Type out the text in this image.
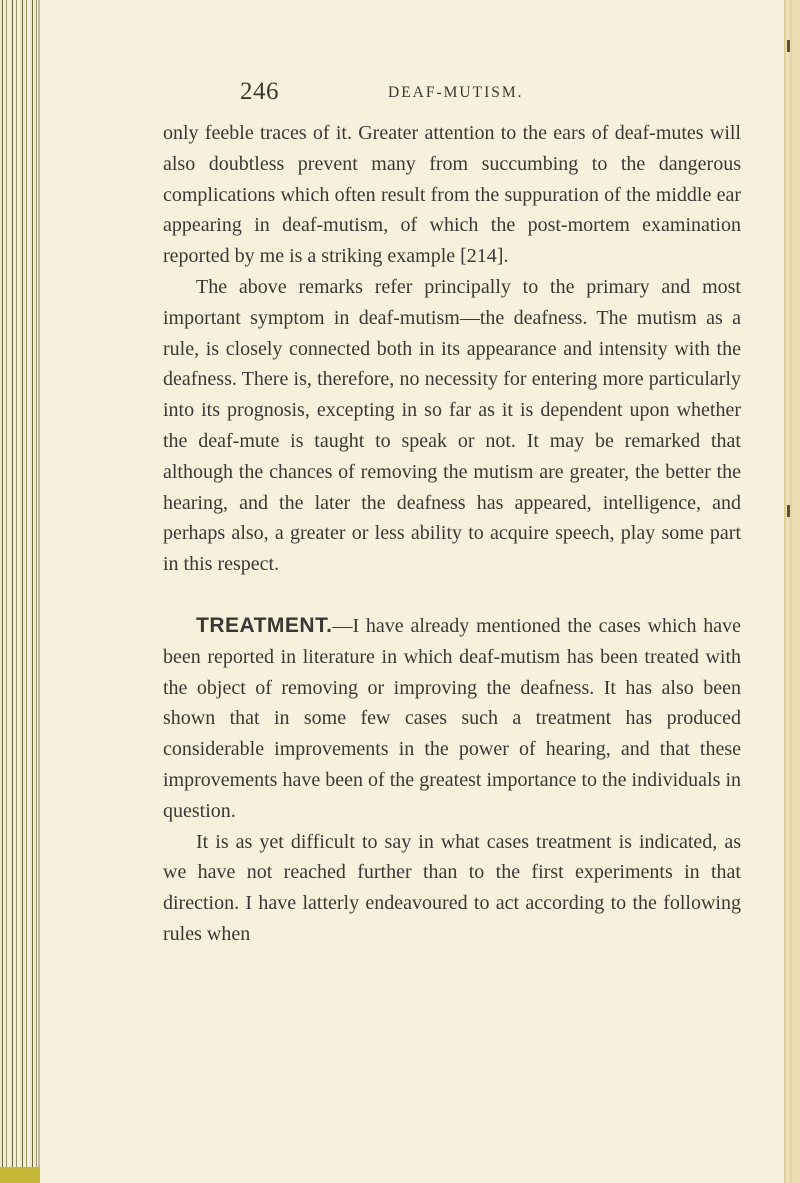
246	DEAF-MUTISM.

only feeble traces of it. Greater attention to the ears of deaf-mutes will also doubtless prevent many from succumbing to the dangerous complications which often result from the suppuration of the middle ear appearing in deaf-mutism, of which the post-mortem examination reported by me is a striking example [214].

The above remarks refer principally to the primary and most important symptom in deaf-mutism—the deafness. The mutism as a rule, is closely connected both in its appearance and intensity with the deafness. There is, therefore, no necessity for entering more particularly into its prognosis, excepting in so far as it is dependent upon whether the deaf-mute is taught to speak or not. It may be remarked that although the chances of removing the mutism are greater, the better the hearing, and the later the deafness has appeared, intelligence, and perhaps also, a greater or less ability to acquire speech, play some part in this respect.

TREATMENT.—I have already mentioned the cases which have been reported in literature in which deaf-mutism has been treated with the object of removing or improving the deafness. It has also been shown that in some few cases such a treatment has produced considerable improvements in the power of hearing, and that these improvements have been of the greatest importance to the individuals in question.

It is as yet difficult to say in what cases treatment is indicated, as we have not reached further than to the first experiments in that direction. I have latterly endeavoured to act according to the following rules when
